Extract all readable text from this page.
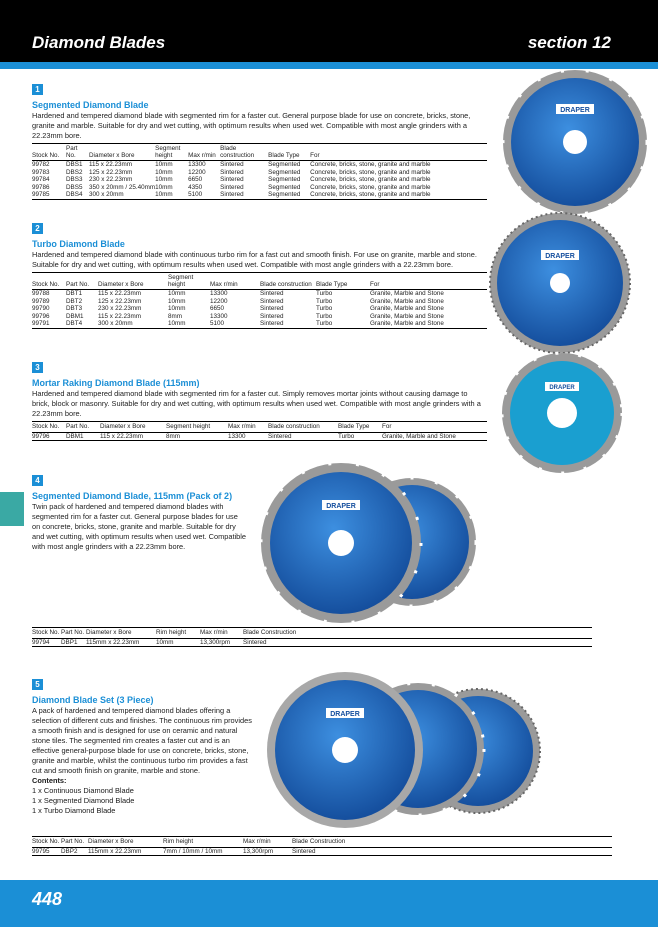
Diamond Blades	section 12
1
Segmented Diamond Blade
Hardened and tempered diamond blade with segmented rim for a faster cut. General purpose blade for use on concrete, bricks, stone, granite and marble. Suitable for dry and wet cutting, with optimum results when used wet. Compatible with most angle grinders with a 22.23mm bore.
Stock No.	Part No.	Diameter x Bore	Segment height	Max r/min	Blade construction	Blade Type	For
99782	DBS1	115 x 22.23mm	10mm	13300	Sintered	Segmented	Concrete, bricks, stone, granite and marble
99783	DBS2	125 x 22.23mm	10mm	12200	Sintered	Segmented	Concrete, bricks, stone, granite and marble
99784	DBS3	230 x 22.23mm	10mm	6650	Sintered	Segmented	Concrete, bricks, stone, granite and marble
99786	DBS5	350 x 20mm / 25.40mm	10mm	4350	Sintered	Segmented	Concrete, bricks, stone, granite and marble
99785	DBS4	300 x 20mm	10mm	5100	Sintered	Segmented	Concrete, bricks, stone, granite and marble
2
Turbo Diamond Blade
Hardened and tempered diamond blade with continuous turbo rim for a fast cut and smooth finish. For use on granite, marble and stone. Suitable for dry and wet cutting, with optimum results when used wet. Compatible with most angle grinders with a 22.23mm bore.
Stock No.	Part No.	Diameter x Bore	Segment height	Max r/min	Blade construction	Blade Type	For
99788	DBT1	115 x 22.23mm	10mm	13300	Sintered	Turbo	Granite, Marble and Stone
99789	DBT2	125 x 22.23mm	10mm	12200	Sintered	Turbo	Granite, Marble and Stone
99790	DBT3	230 x 22.23mm	10mm	6650	Sintered	Turbo	Granite, Marble and Stone
99796	DBM1	115 x 22.23mm	8mm	13300	Sintered	Turbo	Granite, Marble and Stone
99791	DBT4	300 x 20mm	10mm	5100	Sintered	Turbo	Granite, Marble and Stone
3
Mortar Raking Diamond Blade (115mm)
Hardened and tempered diamond blade with segmented rim for a faster cut. Simply removes mortar joints without causing damage to brick, block or masonry. Suitable for dry and wet cutting, with optimum results when used wet. Compatible with most angle grinders with a 22.23mm bore.
Stock No.	Part No.	Diameter x Bore	Segment height	Max r/min	Blade construction	Blade Type	For
99796	DBM1	115 x 22.23mm	8mm	13300	Sintered	Turbo	Granite, Marble and Stone
4
Segmented Diamond Blade, 115mm (Pack of 2)
Twin pack of hardened and tempered diamond blades with segmented rim for a faster cut. General purpose blades for use on concrete, bricks, stone, granite and marble. Suitable for dry and wet cutting, with optimum results when used wet. Compatible with most angle grinders with a 22.23mm bore.
Stock No.	Part No.	Diameter x Bore	Rim height	Max r/min	Blade Construction
99794	DBP1	115mm x 22.23mm	10mm	13,300rpm	Sintered
5
Diamond Blade Set (3 Piece)
A pack of hardened and tempered diamond blades offering a selection of different cuts and finishes. The continuous rim provides a smooth finish and is designed for use on ceramic and natural stone tiles. The segmented rim creates a faster cut and is an effective general-purpose blade for use on concrete, bricks, stone, granite and marble, whilst the continuous turbo rim provides a fast cut and smooth finish on granite, marble and stone.
Contents:
1 x Continuous Diamond Blade
1 x Segmented Diamond Blade
1 x Turbo Diamond Blade
Stock No.	Part No.	Diameter x Bore	Rim height	Max r/min	Blade Construction
99795	DBP2	115mm x 22.23mm	7mm / 10mm / 10mm	13,300rpm	Sintered
DRAPER
DRAPER
DRAPER
DRAPER
DRAPER
448
